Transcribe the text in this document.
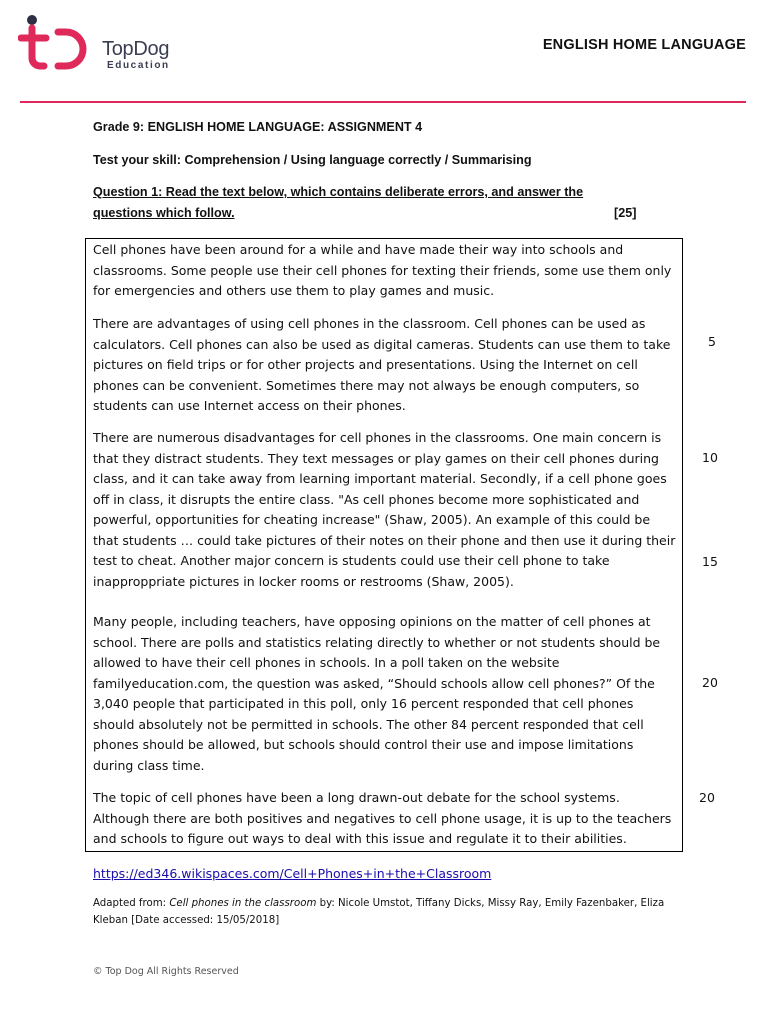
TopDog
Education
ENGLISH HOME LANGUAGE
Grade 9: ENGLISH HOME LANGUAGE: ASSIGNMENT 4
Test your skill: Comprehension / Using language correctly / Summarising
Question 1: Read the text below, which contains deliberate errors, and answer the
questions which follow.	[25]

Cell phones have been around for a while and have made their way into schools and
classrooms. Some people use their cell phones for texting their friends, some use them only
for emergencies and others use them to play games and music.

There are advantages of using cell phones in the classroom. Cell phones can be used as
calculators. Cell phones can also be used as digital cameras. Students can use them to take
pictures on field trips or for other projects and presentations. Using the Internet on cell
phones can be convenient. Sometimes there may not always be enough computers, so
students can use Internet access on their phones.

There are numerous disadvantages for cell phones in the classrooms. One main concern is
that they distract students. They text messages or play games on their cell phones during
class, and it can take away from learning important material. Secondly, if a cell phone goes
off in class, it disrupts the entire class. "As cell phones become more sophisticated and
powerful, opportunities for cheating increase" (Shaw, 2005). An example of this could be
that students … could take pictures of their notes on their phone and then use it during their
test to cheat. Another major concern is students could use their cell phone to take
inapproppriate pictures in locker rooms or restrooms (Shaw, 2005).

Many people, including teachers, have opposing opinions on the matter of cell phones at
school. There are polls and statistics relating directly to whether or not students should be
allowed to have their cell phones in schools. In a poll taken on the website
familyeducation.com, the question was asked, “Should schools allow cell phones?” Of the
3,040 people that participated in this poll, only 16 percent responded that cell phones
should absolutely not be permitted in schools. The other 84 percent responded that cell
phones should be allowed, but schools should control their use and impose limitations
during class time.

The topic of cell phones have been a long drawn-out debate for the school systems.
Although there are both positives and negatives to cell phone usage, it is up to the teachers
and schools to figure out ways to deal with this issue and regulate it to their abilities.

5
10
15
20
20
https://ed346.wikispaces.com/Cell+Phones+in+the+Classroom
Adapted from: Cell phones in the classroom by: Nicole Umstot, Tiffany Dicks, Missy Ray, Emily Fazenbaker, Eliza
Kleban [Date accessed: 15/05/2018]
© Top Dog All Rights Reserved
